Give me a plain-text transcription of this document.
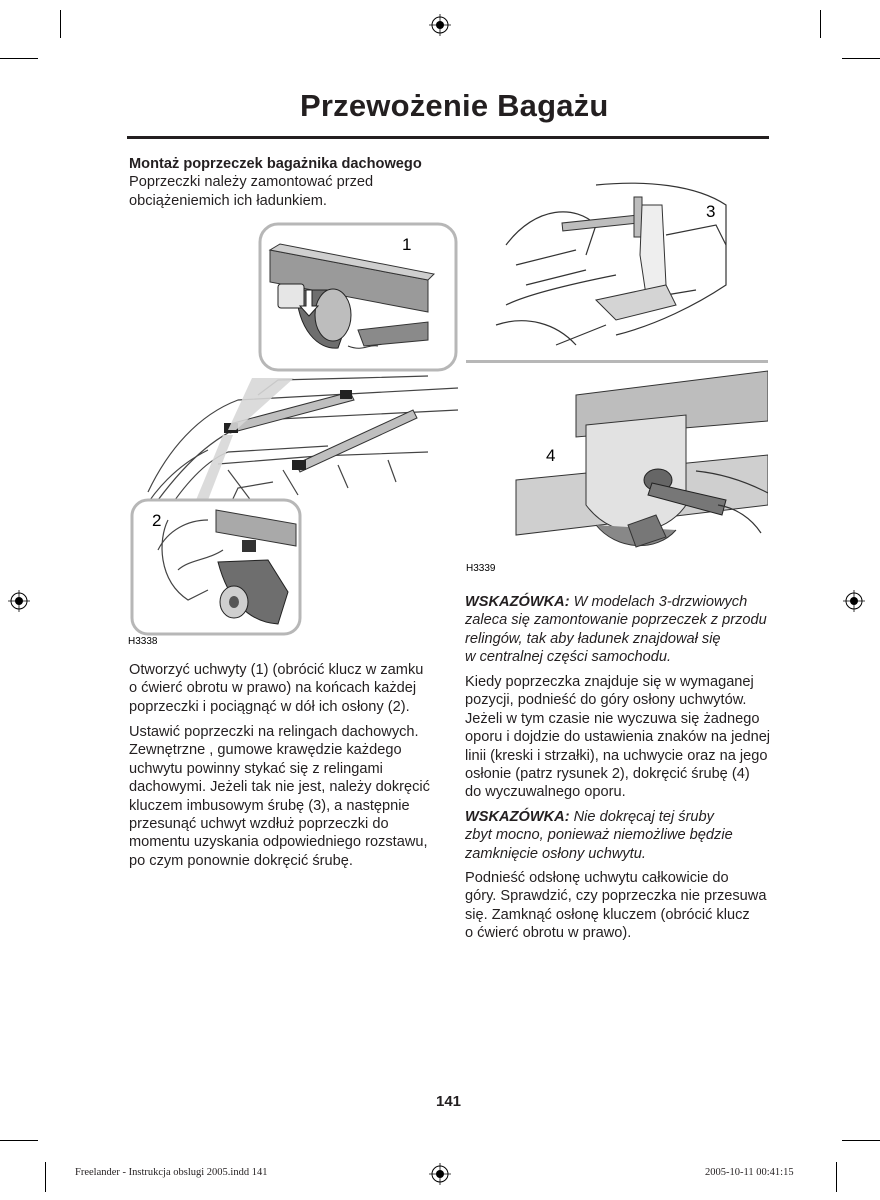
Przewożenie Bagażu
Montaż poprzeczek bagażnika dachowego
Poprzeczki należy zamontować przed
obciążeniemich ich ładunkiem.
1
2
H3338
Otworzyć uchwyty (1) (obrócić klucz w zamku
o ćwierć obrotu w prawo) na końcach każdej
poprzeczki i pociągnąć w dół ich osłony (2).
Ustawić poprzeczki na relingach dachowych.
Zewnętrzne , gumowe krawędzie każdego
uchwytu powinny stykać się z relingami
dachowymi. Jeżeli tak nie jest, należy dokręcić
kluczem imbusowym śrubę (3), a następnie
przesunąć uchwyt wzdłuż poprzeczki do
momentu uzyskania odpowiedniego rozstawu,
po czym ponownie dokręcić śrubę.
3
4
H3339
WSKAZÓWKA: W modelach 3-drzwiowych
zaleca się zamontowanie poprzeczek z przodu
relingów, tak aby ładunek znajdował się
w centralnej części samochodu.
Kiedy poprzeczka znajduje się w wymaganej
pozycji, podnieść do góry osłony uchwytów.
Jeżeli w tym czasie nie wyczuwa się żadnego
oporu i dojdzie do ustawienia znaków na jednej
linii (kreski i strzałki), na uchwycie oraz na jego
osłonie (patrz rysunek 2), dokręcić śrubę (4)
do wyczuwalnego oporu.
WSKAZÓWKA: Nie dokręcaj tej śruby
zbyt mocno, ponieważ niemożliwe będzie
zamknięcie osłony uchwytu.
Podnieść odsłonę uchwytu całkowicie do
góry. Sprawdzić, czy poprzeczka nie przesuwa
się. Zamknąć osłonę kluczem (obrócić klucz
o ćwierć obrotu w prawo).
141
Freelander - Instrukcja obslugi 2005.indd 141	2005-10-11 00:41:15
